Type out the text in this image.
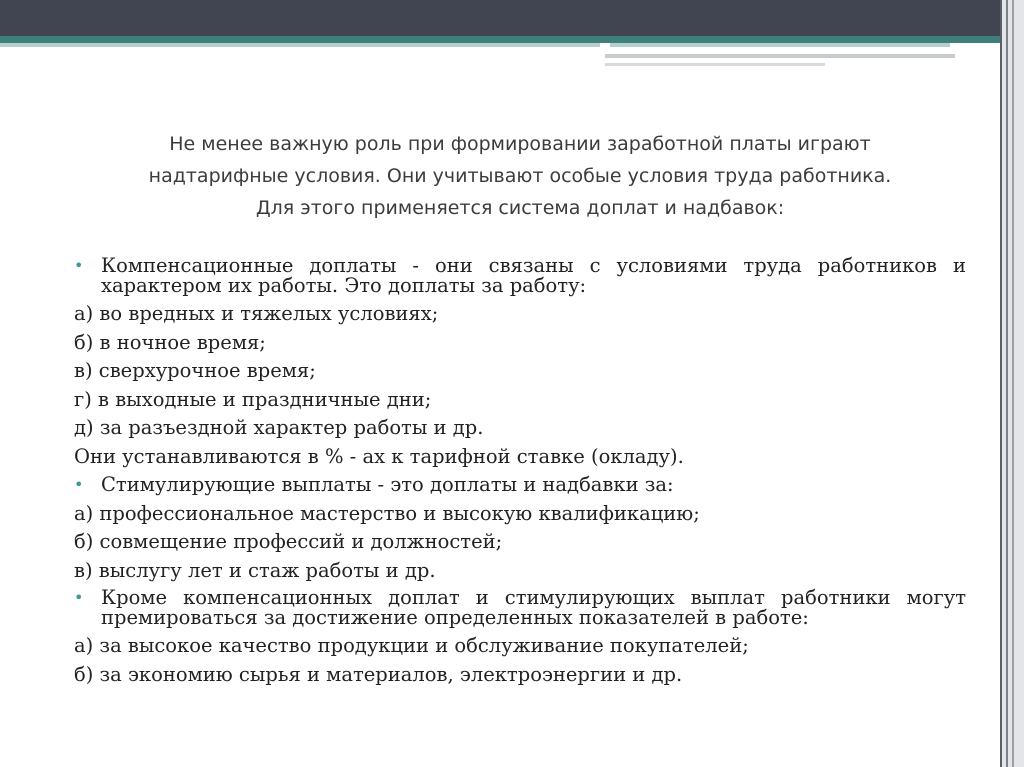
Не менее важную роль при формировании заработной платы играют
надтарифные условия. Они учитывают особые условия труда работника.
Для этого применяется система доплат и надбавок:
• Компенсационные доплаты - они связаны с условиями труда работников и характером их работы. Это доплаты за работу:
а) во вредных и тяжелых условиях;
б) в ночное время;
в) сверхурочное время;
г) в выходные и праздничные дни;
д) за разъездной характер работы и др.
Они устанавливаются в % - ах к тарифной ставке (окладу).
• Стимулирующие выплаты - это доплаты и надбавки за:
а) профессиональное мастерство и высокую квалификацию;
б) совмещение профессий и должностей;
в) выслугу лет и стаж работы и др.
• Кроме компенсационных доплат и стимулирующих выплат работники могут премироваться за достижение определенных показателей в работе:
а) за высокое качество продукции и обслуживание покупателей;
б) за экономию сырья и материалов, электроэнергии и др.
